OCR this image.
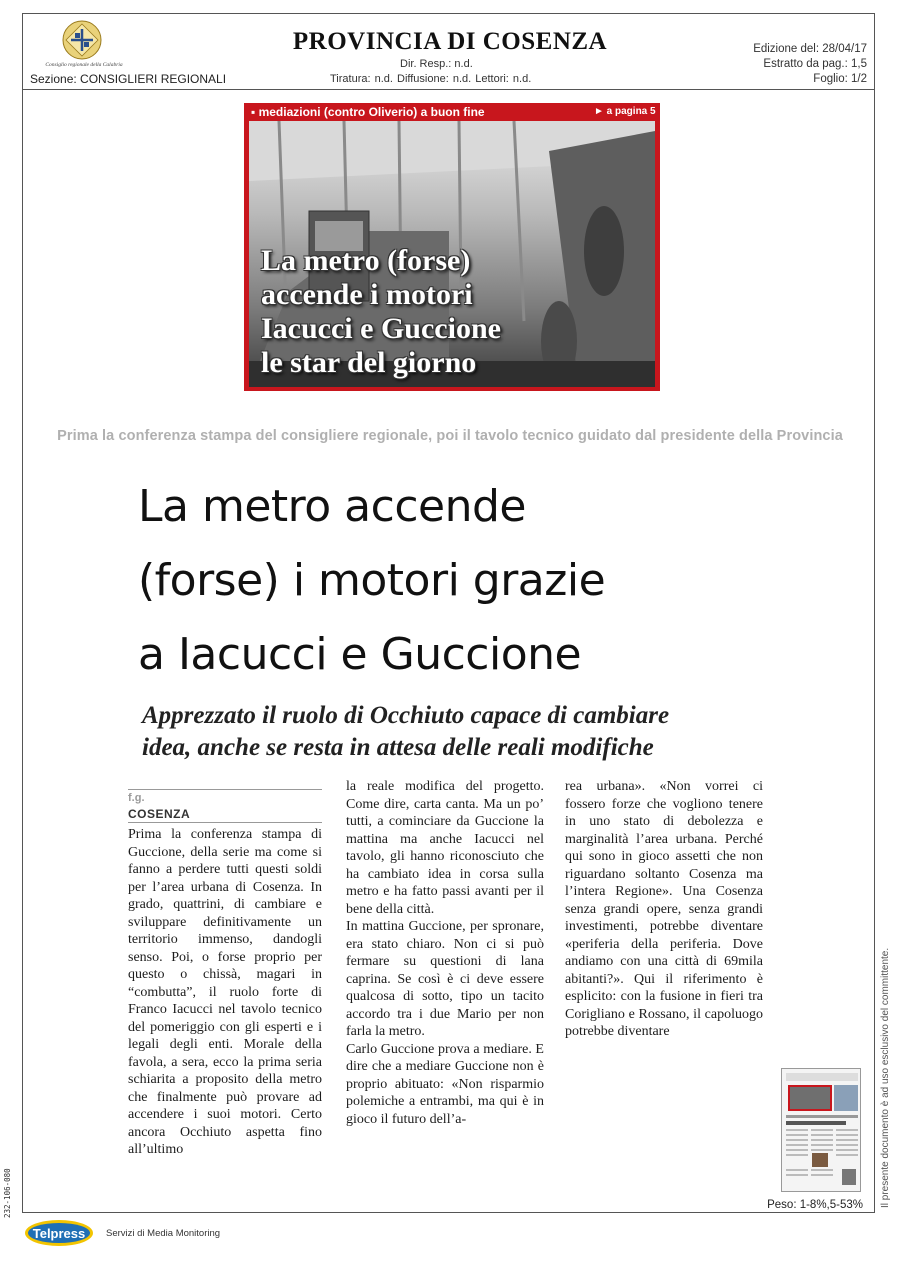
Consiglio regionale della Calabria
Sezione: CONSIGLIERI REGIONALI
PROVINCIA DI COSENZA
Dir. Resp.: n.d.
Tiratura: n.d. Diffusione: n.d. Lettori: n.d.
Edizione del: 28/04/17
Estratto da pag.: 1,5
Foglio: 1/2
▪ mediazioni (contro Oliverio) a buon fine	► a pagina 5
La metro (forse)
accende i motori
Iacucci e Guccione
le star del giorno
Prima la conferenza stampa del consigliere regionale, poi il tavolo tecnico guidato dal presidente della Provincia
La metro accende
(forse) i motori grazie
a Iacucci e Guccione
Apprezzato il ruolo di Occhiuto capace di cambiare
idea, anche se resta in attesa delle reali modifiche
f.g.
COSENZA
Prima la conferenza stampa di Guccione, della serie ma come si fanno a perdere tutti questi soldi per l’area urbana di Cosenza. In grado, quattrini, di cambiare e sviluppare definitivamente un territorio immenso, dandogli senso. Poi, o forse proprio per questo o chissà, magari in “combutta”, il ruolo forte di Franco Iacucci nel tavolo tecnico del pomeriggio con gli esperti e i legali degli enti. Morale della favola, a sera, ecco la prima seria schiarita a proposito della metro che finalmente può provare ad accendere i suoi motori. Certo ancora Occhiuto aspetta fino all’ultimo
la reale modifica del progetto. Come dire, carta canta. Ma un po’ tutti, a cominciare da Guccione la mattina ma anche Iacucci nel tavolo, gli hanno riconosciuto che ha cambiato idea in corsa sulla metro e ha fatto passi avanti per il bene della città.
In mattina Guccione, per spronare, era stato chiaro. Non ci si può fermare su questioni di lana caprina. Se così è ci deve essere qualcosa di sotto, tipo un tacito accordo tra i due Mario per non farla la metro.
Carlo Guccione prova a mediare. E dire che a mediare Guccione non è proprio abituato: «Non risparmio polemiche a entrambi, ma qui è in gioco il futuro dell’a-
rea urbana». «Non vorrei ci fossero forze che vogliono tenere in uno stato di debolezza e marginalità l’area urbana. Perché qui sono in gioco assetti che non riguardano soltanto Cosenza ma l’intera Regione». Una Cosenza senza grandi opere, senza grandi investimenti, potrebbe diventare «periferia della periferia. Dove andiamo con una città di 69mila abitanti?». Qui il riferimento è esplicito: con la fusione in fieri tra Corigliano e Rossano, il capoluogo potrebbe diventare
Peso: 1-8%,5-53%
Telpress Servizi di Media Monitoring
232-106-080	Il presente documento è ad uso esclusivo del committente.
